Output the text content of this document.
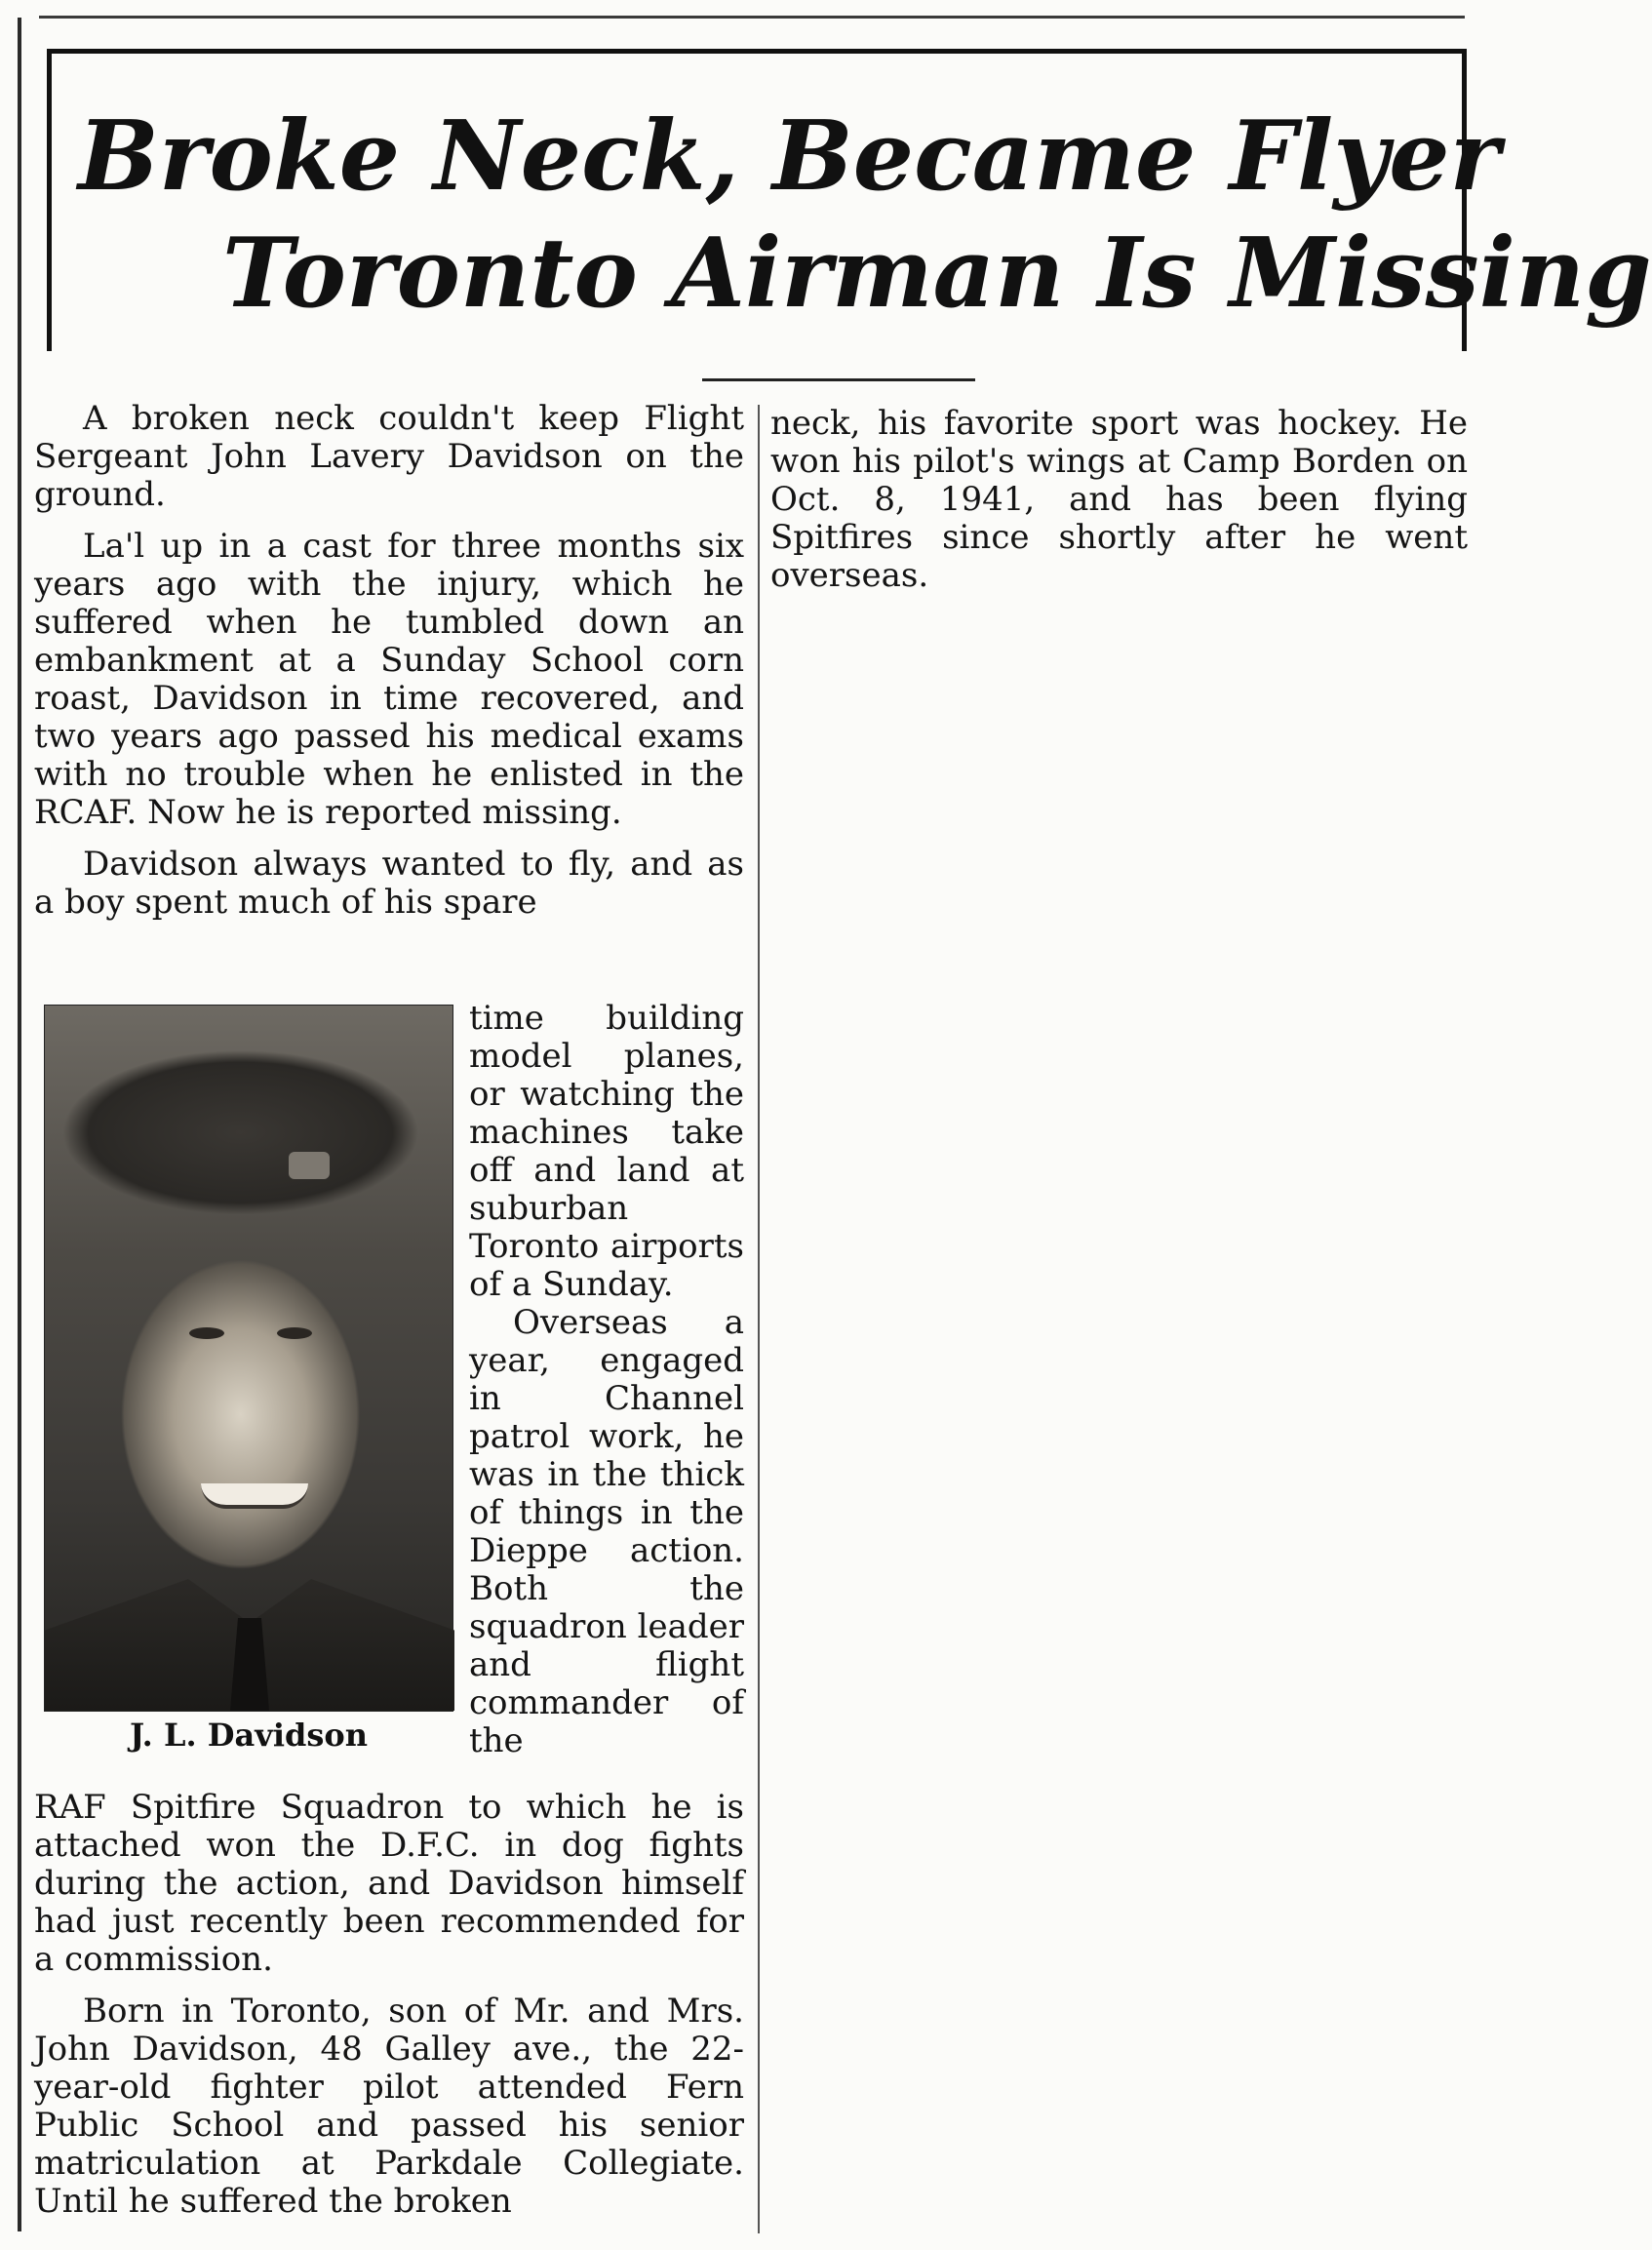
Broke Neck, Became Flyer
Toronto Airman Is Missing

A broken neck couldn't keep Flight Sergeant John Lavery Davidson on the ground.

La'l up in a cast for three months six years ago with the injury, which he suffered when he tumbled down an embankment at a Sunday School corn roast, Davidson in time recovered, and two years ago passed his medical exams with no trouble when he enlisted in the RCAF. Now he is reported missing.

Davidson always wanted to fly, and as a boy spent much of his spare

J. L. Davidson

time building model planes, or watching the machines take off and land at suburban Toronto airports of a Sunday.

Overseas a year, engaged in Channel patrol work, he was in the thick of things in the Dieppe action. Both the squadron leader and flight commander of the

RAF Spitfire Squadron to which he is attached won the D.F.C. in dog fights during the action, and Davidson himself had just recently been recommended for a commission.

Born in Toronto, son of Mr. and Mrs. John Davidson, 48 Galley ave., the 22-year-old fighter pilot attended Fern Public School and passed his senior matriculation at Parkdale Collegiate. Until he suffered the broken

neck, his favorite sport was hockey. He won his pilot's wings at Camp Borden on Oct. 8, 1941, and has been flying Spitfires since shortly after he went overseas.
